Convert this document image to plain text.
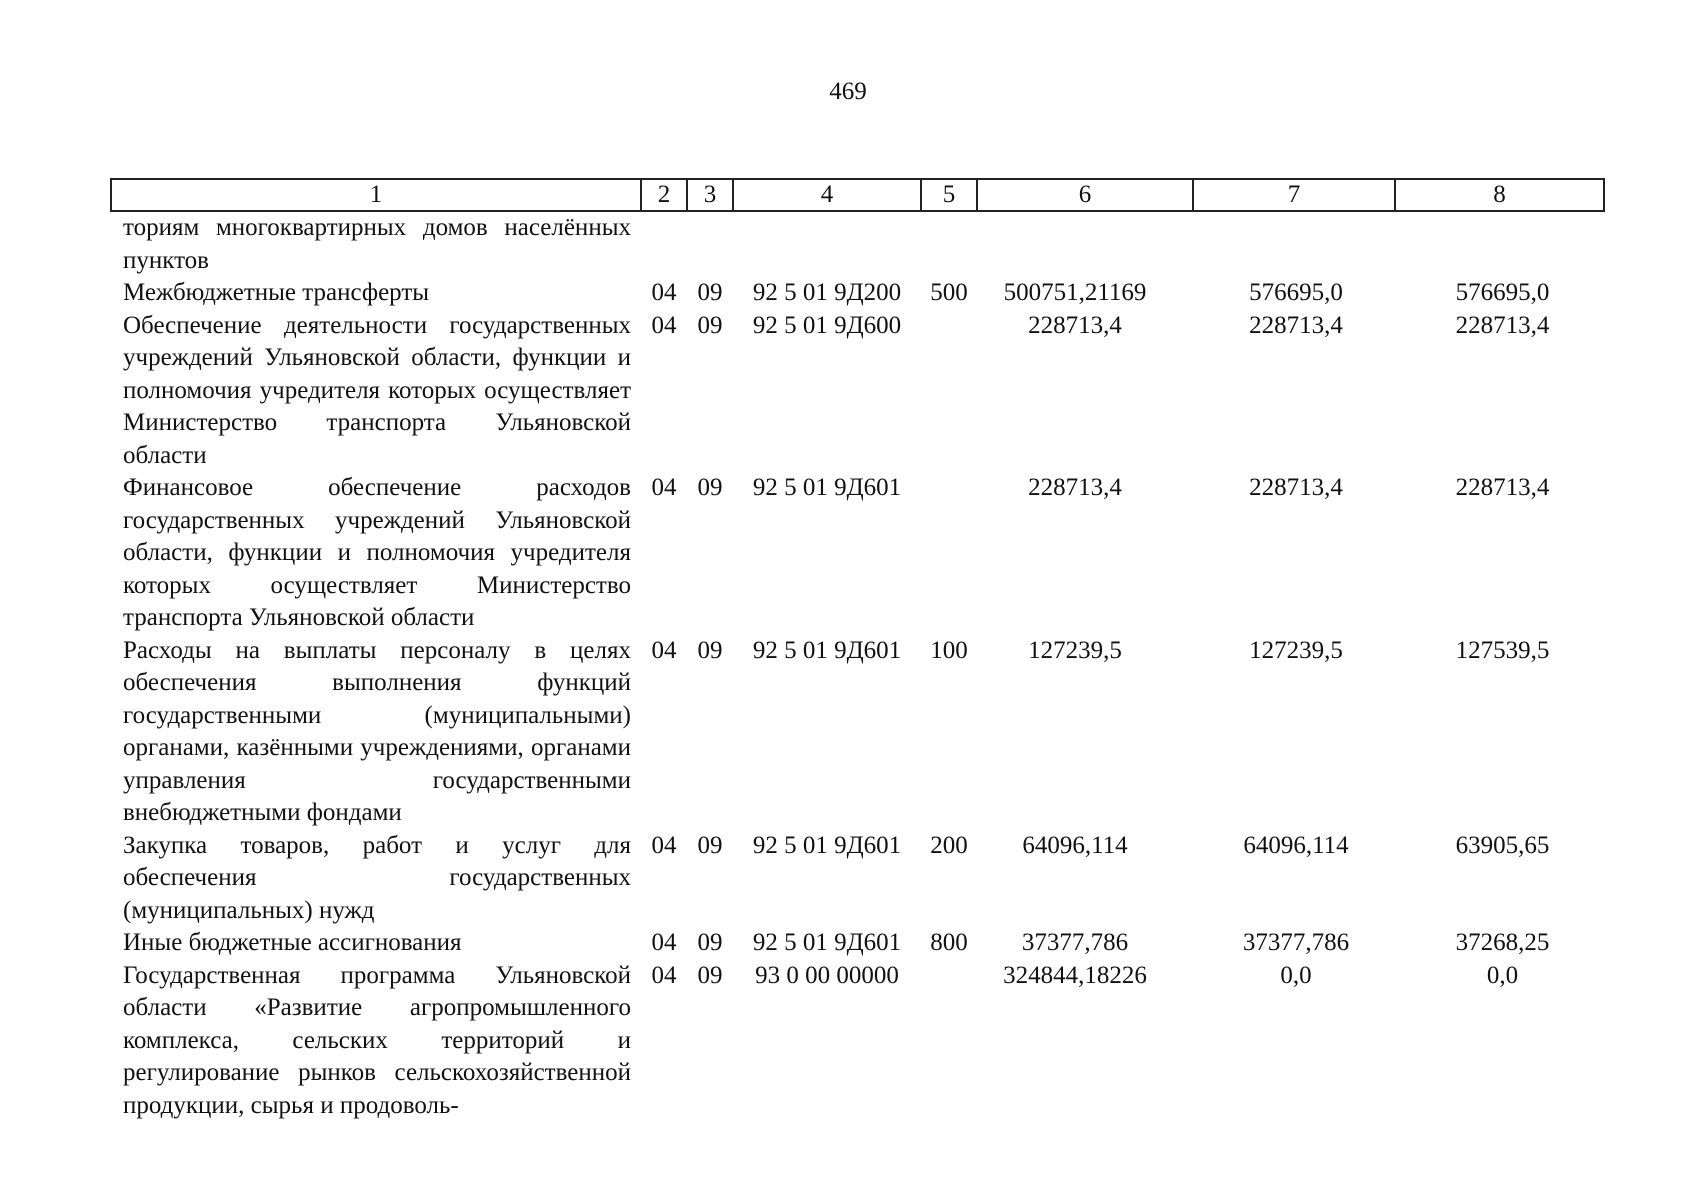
469
1	2	3	4	5	6	7	8
ториям многоквартирных домов населённых пунктов							
Межбюджетные трансферты	04	09	92 5 01 9Д200	500	500751,21169	576695,0	576695,0
Обеспечение деятельности государственных учреждений Ульяновской области, функции и полномочия учредителя которых осуществляет Министерство транспорта Ульяновской области	04	09	92 5 01 9Д600		228713,4	228713,4	228713,4
Финансовое обеспечение расходов государственных учреждений Ульяновской области, функции и полномочия учредителя которых осуществляет Министерство транспорта Ульяновской области	04	09	92 5 01 9Д601		228713,4	228713,4	228713,4
Расходы на выплаты персоналу в целях обеспечения выполнения функций государственными (муниципальными) органами, казёнными учреждениями, органами управления государственными внебюджетными фондами	04	09	92 5 01 9Д601	100	127239,5	127239,5	127539,5
Закупка товаров, работ и услуг для обеспечения государственных (муниципальных) нужд	04	09	92 5 01 9Д601	200	64096,114	64096,114	63905,65
Иные бюджетные ассигнования	04	09	92 5 01 9Д601	800	37377,786	37377,786	37268,25
Государственная программа Ульяновской области «Развитие агропромышленного комплекса, сельских территорий и регулирование рынков сельскохозяйственной продукции, сырья и продоволь-	04	09	93 0 00 00000		324844,18226	0,0	0,0
